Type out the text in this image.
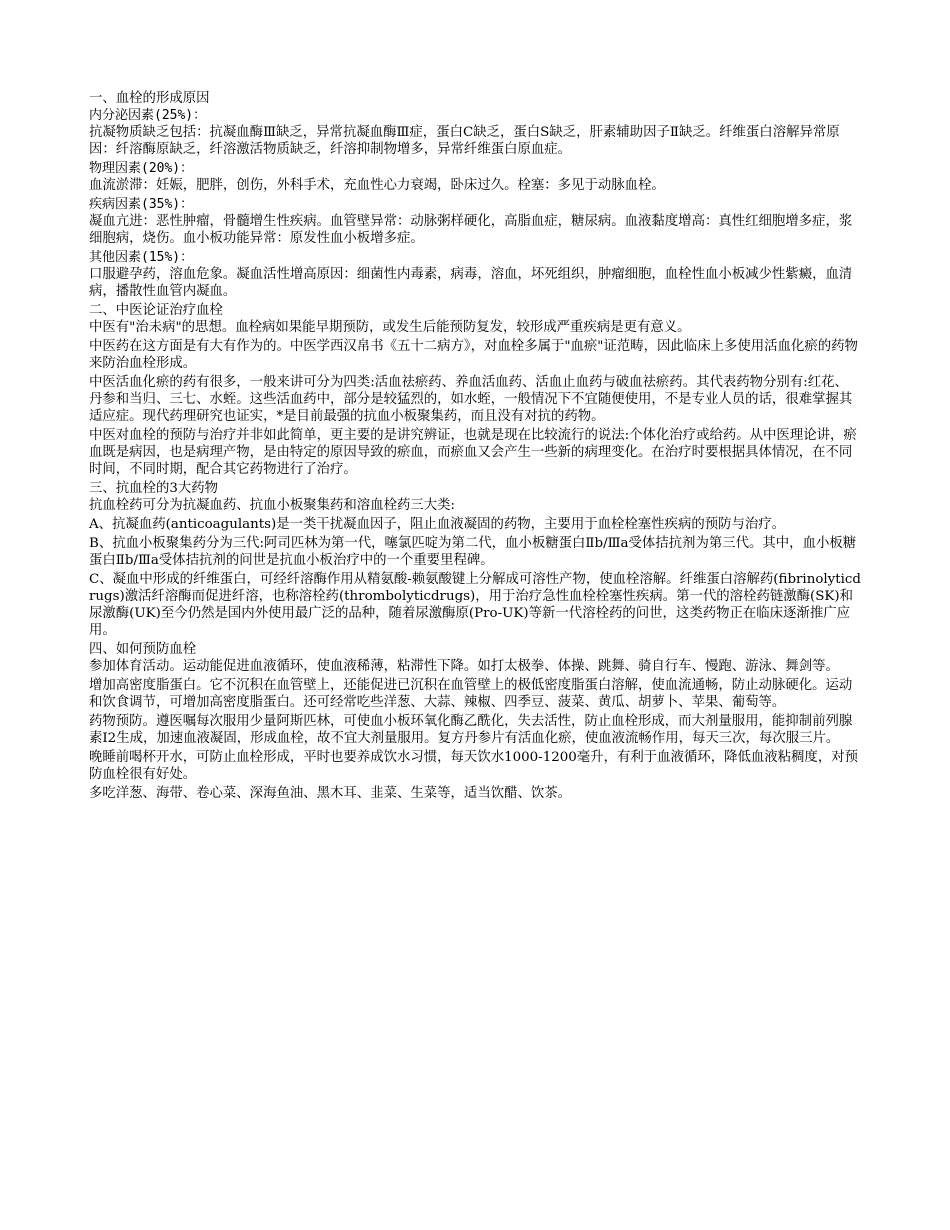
一、血栓的形成原因

内分泌因素(25%)：

抗凝物质缺乏包括：抗凝血酶Ⅲ缺乏，异常抗凝血酶Ⅲ症，蛋白C缺乏，蛋白S缺乏，肝素辅助因子Ⅱ缺乏。纤维蛋白溶解异常原因：纤溶酶原缺乏，纤溶激活物质缺乏，纤溶抑制物增多，异常纤维蛋白原血症。

物理因素(20%)：

血流淤滞：妊娠，肥胖，创伤，外科手术，充血性心力衰竭，卧床过久。栓塞：多见于动脉血栓。

疾病因素(35%)：

凝血亢进：恶性肿瘤，骨髓增生性疾病。血管壁异常：动脉粥样硬化，高脂血症，糖尿病。血液黏度增高：真性红细胞增多症，浆细胞病，烧伤。血小板功能异常：原发性血小板增多症。

其他因素(15%)：

口服避孕药，溶血危象。凝血活性增高原因：细菌性内毒素，病毒，溶血，坏死组织，肿瘤细胞，血栓性血小板减少性紫癜，血清病，播散性血管内凝血。

二、中医论证治疗血栓

中医有"治未病"的思想。血栓病如果能早期预防，或发生后能预防复发，较形成严重疾病是更有意义。

中医药在这方面是有大有作为的。中医学西汉帛书《五十二病方》，对血栓多属于"血瘀"证范畴，因此临床上多使用活血化瘀的药物来防治血栓形成。

中医活血化瘀的药有很多，一般来讲可分为四类:活血祛瘀药、养血活血药、活血止血药与破血祛瘀药。其代表药物分别有:红花、丹参和当归、三七、水蛭。这些活血药中，部分是较猛烈的，如水蛭，一般情况下不宜随便使用，不是专业人员的话，很难掌握其适应症。现代药理研究也证实，*是目前最强的抗血小板聚集药，而且没有对抗的药物。

中医对血栓的预防与治疗并非如此简单，更主要的是讲究辨证，也就是现在比较流行的说法:个体化治疗或给药。从中医理论讲，瘀血既是病因，也是病理产物，是由特定的原因导致的瘀血，而瘀血又会产生一些新的病理变化。在治疗时要根据具体情况，在不同时间，不同时期，配合其它药物进行了治疗。

三、抗血栓的3大药物

抗血栓药可分为抗凝血药、抗血小板聚集药和溶血栓药三大类:

A、抗凝血药(anticoagulants)是一类干扰凝血因子，阻止血液凝固的药物，主要用于血栓栓塞性疾病的预防与治疗。

B、抗血小板聚集药分为三代:阿司匹林为第一代，噻氯匹啶为第二代，血小板糖蛋白Ⅱb/Ⅲa受体拮抗剂为第三代。其中，血小板糖蛋白Ⅱb/Ⅲa受体拮抗剂的问世是抗血小板治疗中的一个重要里程碑。

C、凝血中形成的纤维蛋白，可经纤溶酶作用从精氨酸-赖氨酸键上分解成可溶性产物，使血栓溶解。纤维蛋白溶解药(fibrinolyticdrugs)激活纤溶酶而促进纤溶，也称溶栓药(thrombolyticdrugs)，用于治疗急性血栓栓塞性疾病。第一代的溶栓药链激酶(SK)和尿激酶(UK)至今仍然是国内外使用最广泛的品种，随着尿激酶原(Pro-UK)等新一代溶栓药的问世，这类药物正在临床逐渐推广应用。

四、如何预防血栓

参加体育活动。运动能促进血液循环，使血液稀薄，粘滞性下降。如打太极拳、体操、跳舞、骑自行车、慢跑、游泳、舞剑等。

增加高密度脂蛋白。它不沉积在血管壁上，还能促进已沉积在血管壁上的极低密度脂蛋白溶解，使血流通畅，防止动脉硬化。运动和饮食调节，可增加高密度脂蛋白。还可经常吃些洋葱、大蒜、辣椒、四季豆、菠菜、黄瓜、胡萝卜、苹果、葡萄等。

药物预防。遵医嘱每次服用少量阿斯匹林，可使血小板环氧化酶乙酰化，失去活性，防止血栓形成，而大剂量服用，能抑制前列腺素I2生成，加速血液凝固，形成血栓，故不宜大剂量服用。复方丹参片有活血化瘀，使血液流畅作用，每天三次，每次服三片。

晚睡前喝杯开水，可防止血栓形成，平时也要养成饮水习惯，每天饮水1000-1200毫升，有利于血液循环，降低血液粘稠度，对预防血栓很有好处。

多吃洋葱、海带、卷心菜、深海鱼油、黑木耳、韭菜、生菜等，适当饮醋、饮茶。
